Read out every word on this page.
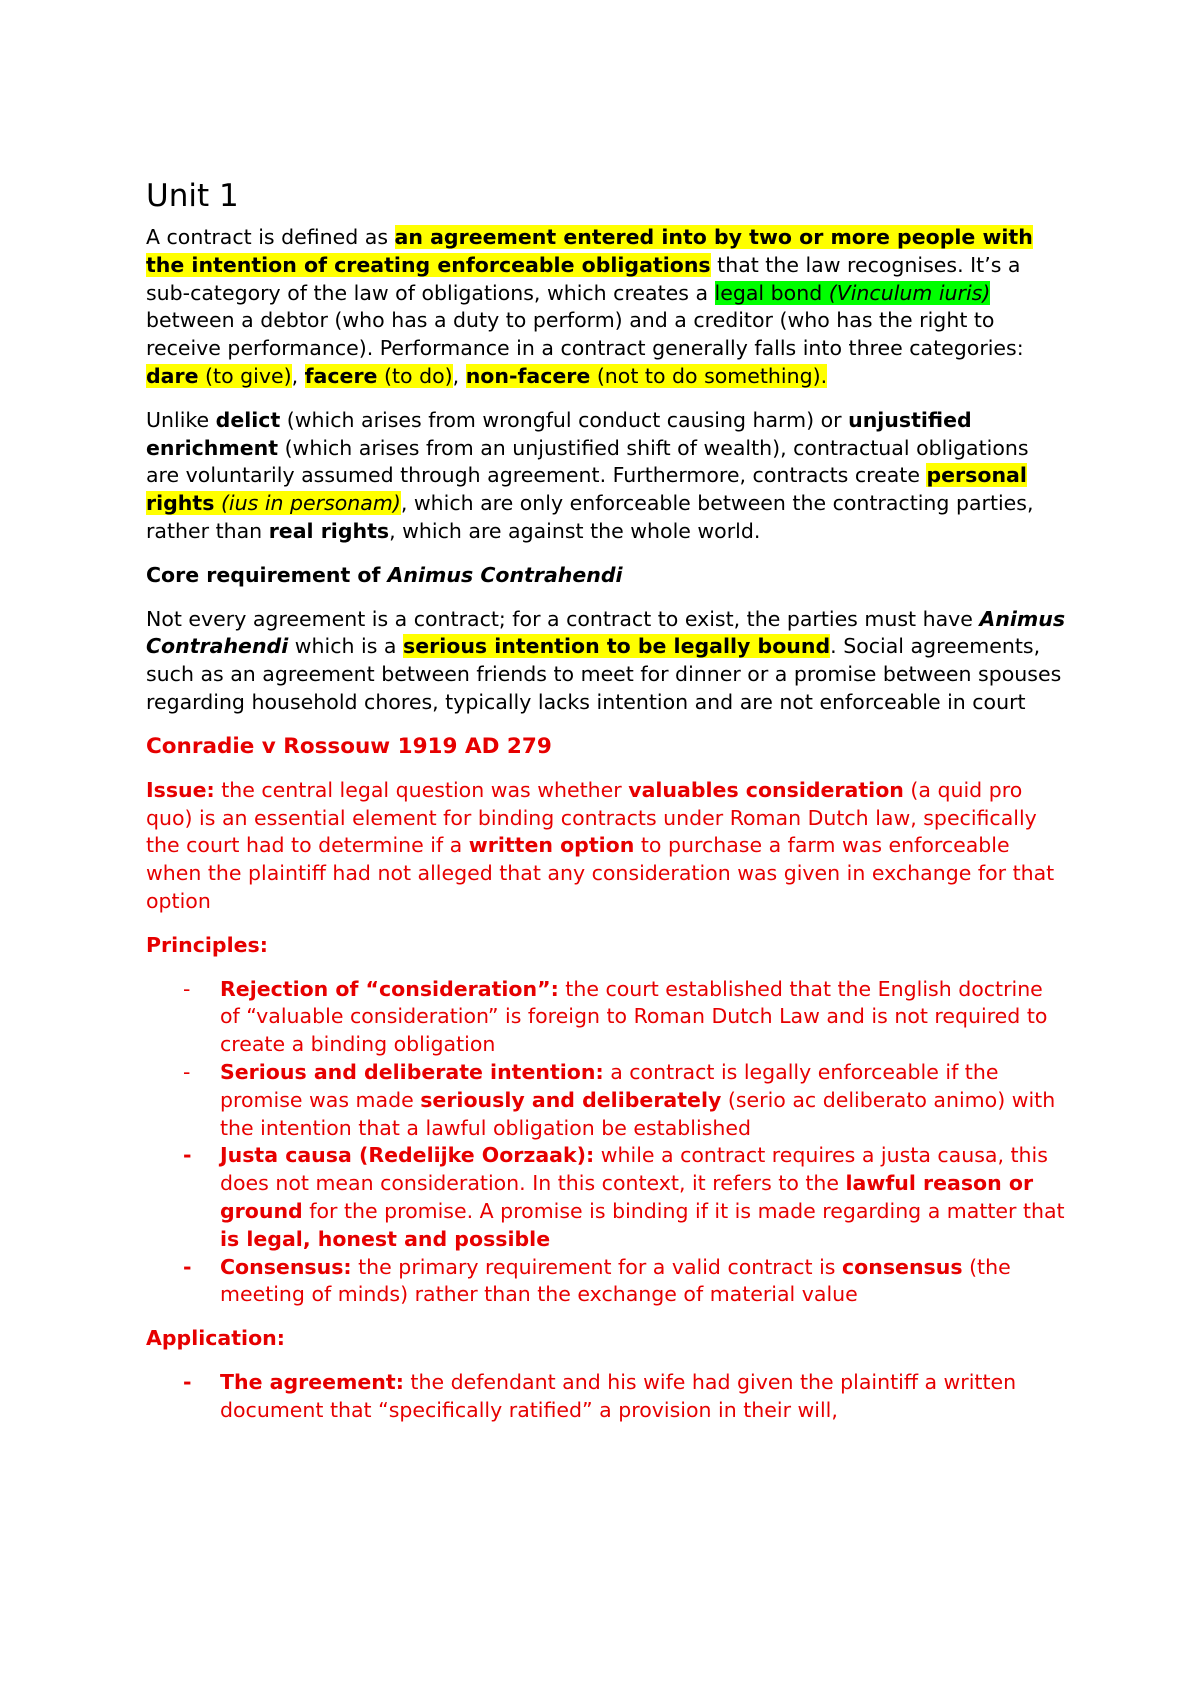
Unit 1

A contract is defined as an agreement entered into by two or more people with the intention of creating enforceable obligations that the law recognises. It’s a sub-category of the law of obligations, which creates a legal bond (Vinculum iuris) between a debtor (who has a duty to perform) and a creditor (who has the right to receive performance). Performance in a contract generally falls into three categories: dare (to give), facere (to do), non-facere (not to do something).

Unlike delict (which arises from wrongful conduct causing harm) or unjustified enrichment (which arises from an unjustified shift of wealth), contractual obligations are voluntarily assumed through agreement. Furthermore, contracts create personal rights (ius in personam), which are only enforceable between the contracting parties, rather than real rights, which are against the whole world.

Core requirement of Animus Contrahendi

Not every agreement is a contract; for a contract to exist, the parties must have Animus Contrahendi which is a serious intention to be legally bound. Social agreements, such as an agreement between friends to meet for dinner or a promise between spouses regarding household chores, typically lacks intention and are not enforceable in court

Conradie v Rossouw 1919 AD 279

Issue: the central legal question was whether valuables consideration (a quid pro quo) is an essential element for binding contracts under Roman Dutch law, specifically the court had to determine if a written option to purchase a farm was enforceable when the plaintiff had not alleged that any consideration was given in exchange for that option

Principles:
- Rejection of “consideration”: the court established that the English doctrine of “valuable consideration” is foreign to Roman Dutch Law and is not required to create a binding obligation
- Serious and deliberate intention: a contract is legally enforceable if the promise was made seriously and deliberately (serio ac deliberato animo) with the intention that a lawful obligation be established
- Justa causa (Redelijke Oorzaak): while a contract requires a justa causa, this does not mean consideration. In this context, it refers to the lawful reason or ground for the promise. A promise is binding if it is made regarding a matter that is legal, honest and possible
- Consensus: the primary requirement for a valid contract is consensus (the meeting of minds) rather than the exchange of material value
Application:
- The agreement: the defendant and his wife had given the plaintiff a written document that “specifically ratified” a provision in their will,
